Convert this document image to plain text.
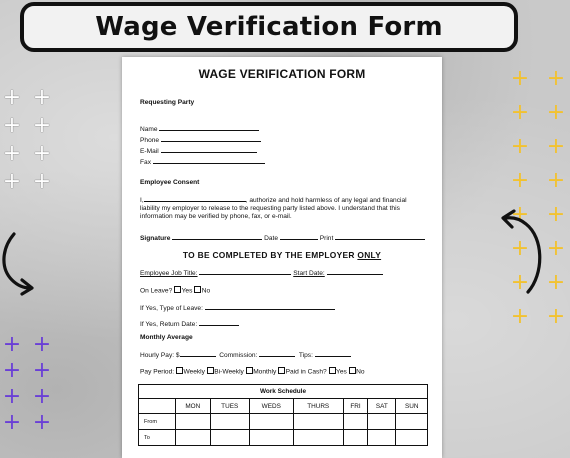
Wage Verification Form
+ +
+ +
+ +
+ +
+ +
+ +
+ +
+ +
+ +
+ +
+ +
+ +
+ +
+ +
+ +
+ +
WAGE VERIFICATION FORM
Requesting Party
Name
Phone
E-Mail
Fax
Employee Consent
I,	, authorize and hold harmless of any legal and financial liability my employer to release to the requesting party listed above. I understand that this information may be verified by phone, fax, or e-mail.
Signature	Date	Print
TO BE COMPLETED BY THE EMPLOYER ONLY
Employee Job Title:	Start Date:
On Leave? Yes No
If Yes, Type of Leave:
If Yes, Return Date:
Monthly Average
Hourly Pay: $	Commission:	Tips:
Pay Period: Weekly Bi-Weekly Monthly Paid in Cash? Yes No
Work Schedule							
	MON	TUES	WEDS	THURS	FRI	SAT	SUN
From							
To							
